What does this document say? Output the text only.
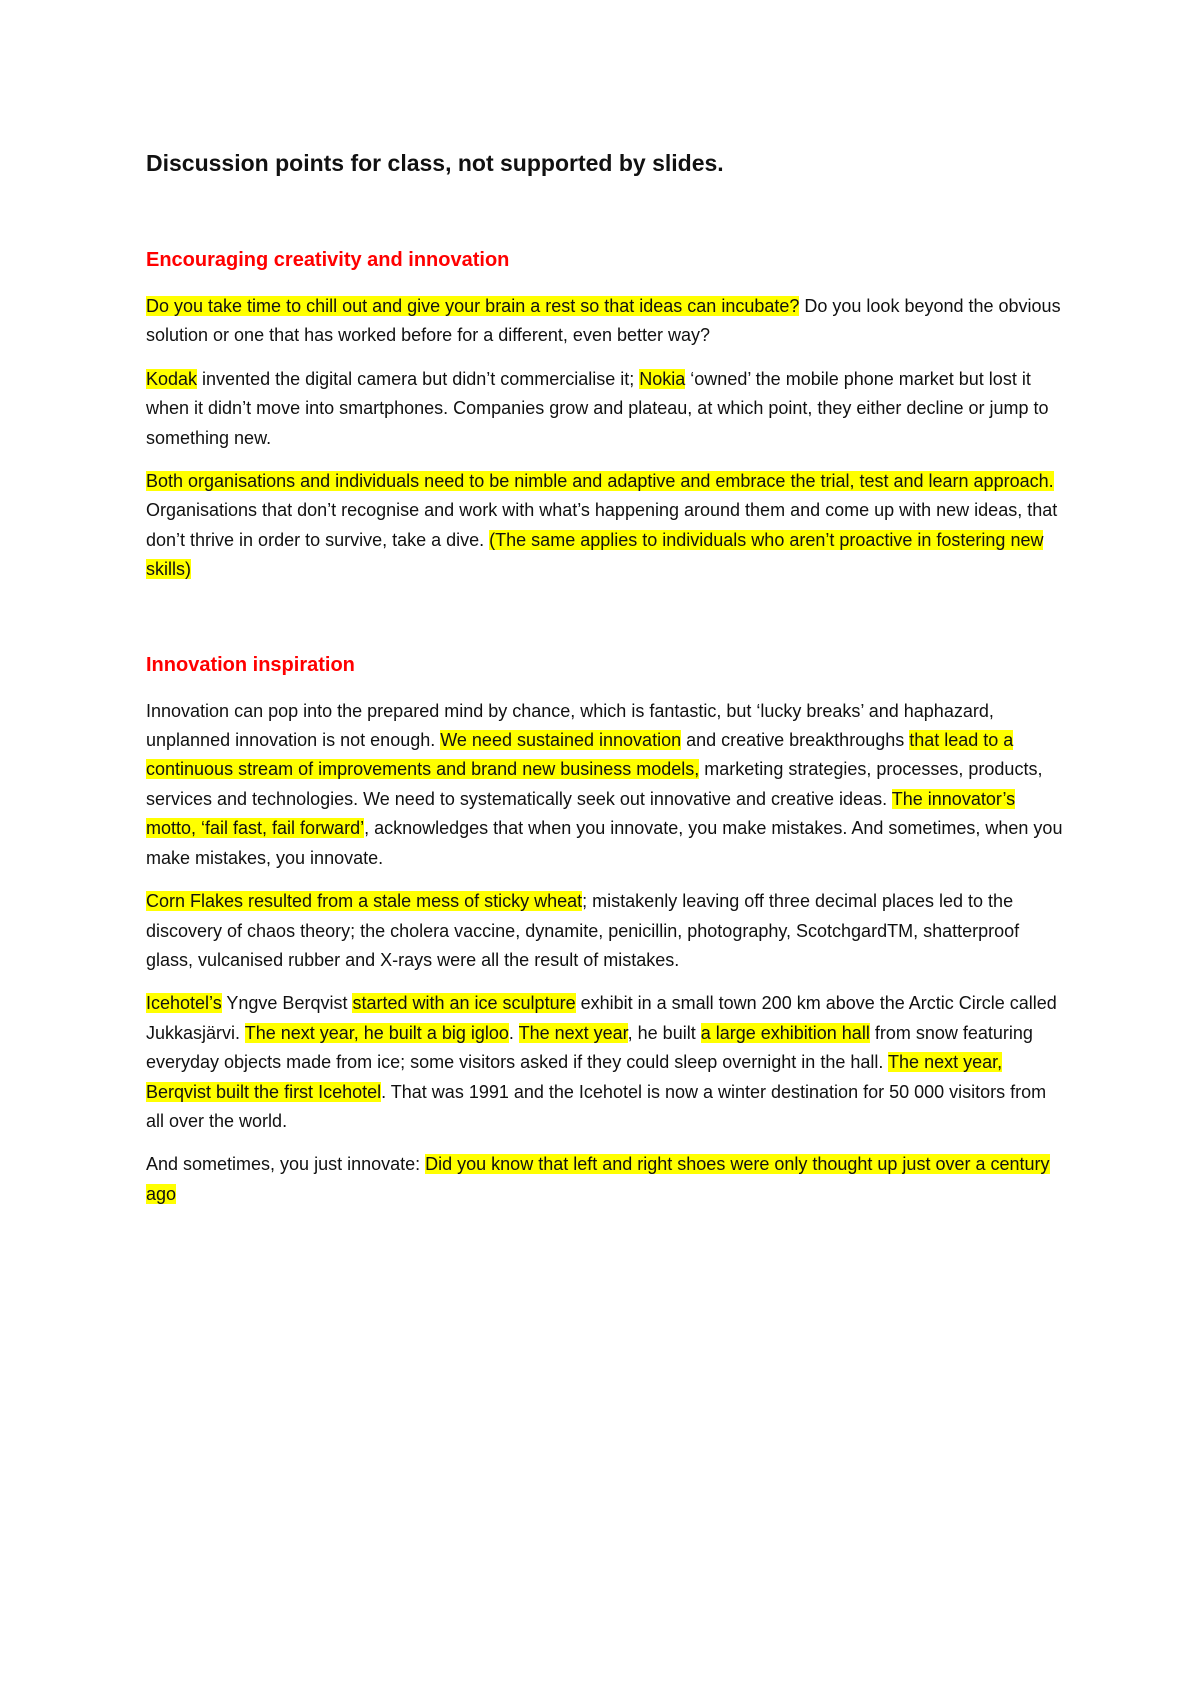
Discussion points for class, not supported by slides.
Encouraging creativity and innovation

Do you take time to chill out and give your brain a rest so that ideas can incubate? Do you look beyond the obvious solution or one that has worked before for a different, even better way?

Kodak invented the digital camera but didn’t commercialise it; Nokia ‘owned’ the mobile phone market but lost it when it didn’t move into smartphones. Companies grow and plateau, at which point, they either decline or jump to something new.

Both organisations and individuals need to be nimble and adaptive and embrace the trial, test and learn approach. Organisations that don’t recognise and work with what’s happening around them and come up with new ideas, that don’t thrive in order to survive, take a dive. (The same applies to individuals who aren’t proactive in fostering new skills)

Innovation inspiration

Innovation can pop into the prepared mind by chance, which is fantastic, but ‘lucky breaks’ and haphazard, unplanned innovation is not enough. We need sustained innovation and creative breakthroughs that lead to a continuous stream of improvements and brand new business models, marketing strategies, processes, products, services and technologies. We need to systematically seek out innovative and creative ideas. The innovator’s motto, ‘fail fast, fail forward’, acknowledges that when you innovate, you make mistakes. And sometimes, when you make mistakes, you innovate.

Corn Flakes resulted from a stale mess of sticky wheat; mistakenly leaving off three decimal places led to the discovery of chaos theory; the cholera vaccine, dynamite, penicillin, photography, ScotchgardTM, shatterproof glass, vulcanised rubber and X-rays were all the result of mistakes.

Icehotel’s Yngve Berqvist started with an ice sculpture exhibit in a small town 200 km above the Arctic Circle called Jukkasjärvi. The next year, he built a big igloo. The next year, he built a large exhibition hall from snow featuring everyday objects made from ice; some visitors asked if they could sleep overnight in the hall. The next year, Berqvist built the first Icehotel. That was 1991 and the Icehotel is now a winter destination for 50 000 visitors from all over the world.

And sometimes, you just innovate: Did you know that left and right shoes were only thought up just over a century ago
